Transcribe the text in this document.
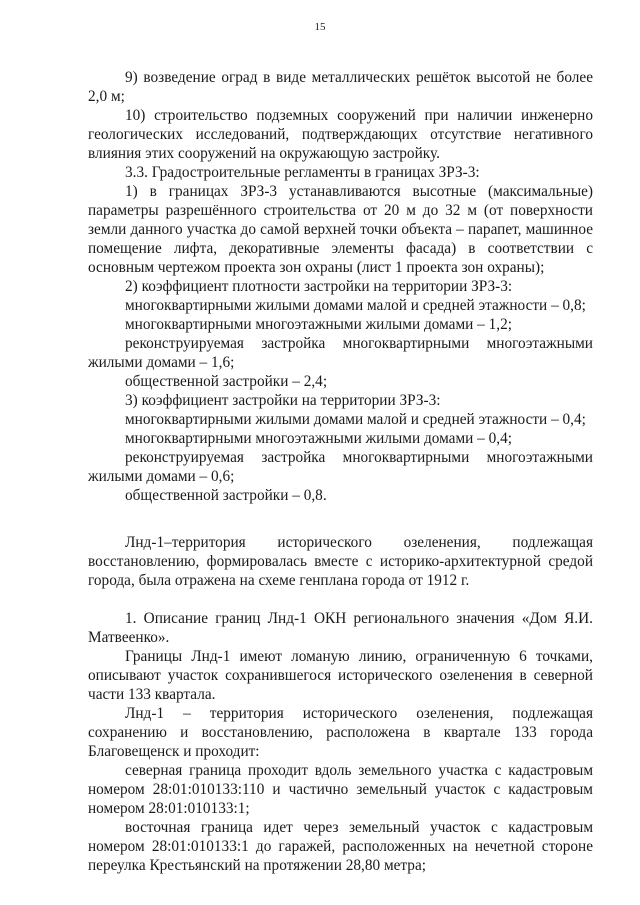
15

9) возведение оград в виде металлических решёток высотой не более 2,0 м;

10) строительство подземных сооружений при наличии инженерно геологических исследований, подтверждающих отсутствие негативного влияния этих сооружений на окружающую застройку.

3.3. Градостроительные регламенты в границах ЗРЗ-3:

1) в границах ЗРЗ-3 устанавливаются высотные (максимальные) параметры разрешённого строительства от 20 м до 32 м (от поверхности земли данного участка до самой верхней точки объекта – парапет, машинное помещение лифта, декоративные элементы фасада) в соответствии с основным чертежом проекта зон охраны (лист 1 проекта зон охраны);

2) коэффициент плотности застройки на территории ЗРЗ-3:

многоквартирными жилыми домами малой и средней этажности – 0,8;

многоквартирными многоэтажными жилыми домами – 1,2;

реконструируемая застройка многоквартирными многоэтажными жилыми домами – 1,6;

общественной застройки – 2,4;

3) коэффициент застройки на территории ЗРЗ-3:

многоквартирными жилыми домами малой и средней этажности – 0,4;

многоквартирными многоэтажными жилыми домами – 0,4;

реконструируемая застройка многоквартирными многоэтажными жилыми домами – 0,6;

общественной застройки – 0,8.

Лнд-1–территория исторического озеленения, подлежащая восстановлению, формировалась вместе с историко-архитектурной средой города, была отражена на схеме генплана города от 1912 г.

1. Описание границ Лнд-1 ОКН регионального значения «Дом Я.И. Матвеенко».

Границы Лнд-1 имеют ломаную линию, ограниченную 6 точками, описывают участок сохранившегося исторического озеленения в северной части 133 квартала.

Лнд-1 – территория исторического озеленения, подлежащая сохранению и восстановлению, расположена в квартале 133 города Благовещенск и проходит:

северная граница проходит вдоль земельного участка с кадастровым номером 28:01:010133:110 и частично земельный участок с кадастровым номером 28:01:010133:1;

восточная граница идет через земельный участок с кадастровым номером 28:01:010133:1 до гаражей, расположенных на нечетной стороне переулка Крестьянский на протяжении 28,80 метра;
